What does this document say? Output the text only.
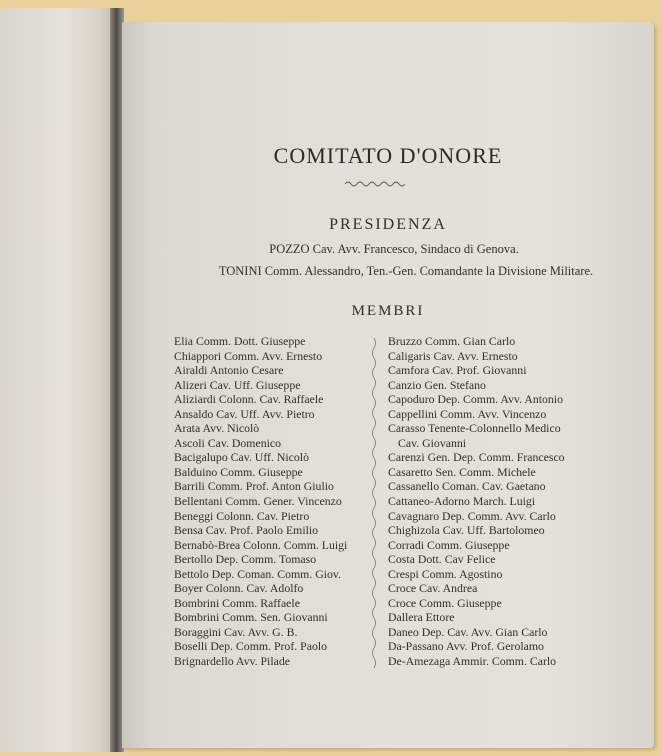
COMITATO D'ONORE
PRESIDENZA
POZZO Cav. Avv. Francesco, Sindaco di Genova.
TONINI Comm. Alessandro, Ten.-Gen. Comandante la Divisione Militare.
MEMBRI
Elia Comm. Dott. Giuseppe
Chiappori Comm. Avv. Ernesto
Airaldi Antonio Cesare
Alizeri Cav. Uff. Giuseppe
Aliziardi Colonn. Cav. Raffaele
Ansaldo Cav. Uff. Avv. Pietro
Arata Avv. Nicolò
Ascoli Cav. Domenico
Bacigalupo Cav. Uff. Nicolò
Balduino Comm. Giuseppe
Barrili Comm. Prof. Anton Giulio
Bellentani Comm. Gener. Vincenzo
Beneggi Colonn. Cav. Pietro
Bensa Cav. Prof. Paolo Emilio
Bernabò-Brea Colonn. Comm. Luigi
Bertollo Dep. Comm. Tomaso
Bettolo Dep. Coman. Comm. Giov.
Boyer Colonn. Cav. Adolfo
Bombrini Comm. Raffaele
Bombrini Comm. Sen. Giovanni
Boraggini Cav. Avv. G. B.
Boselli Dep. Comm. Prof. Paolo
Brignardello Avv. Pilade
Bruzzo Comm. Gian Carlo
Caligaris Cav. Avv. Ernesto
Camfora Cav. Prof. Giovanni
Canzio Gen. Stefano
Capoduro Dep. Comm. Avv. Antonio
Cappellini Comm. Avv. Vincenzo
Carasso Tenente-Colonnello Medico
Cav. Giovanni
Carenzi Gen. Dep. Comm. Francesco
Casaretto Sen. Comm. Michele
Cassanello Coman. Cav. Gaetano
Cattaneo-Adorno March. Luigi
Cavagnaro Dep. Comm. Avv. Carlo
Chighizola Cav. Uff. Bartolomeo
Corradi Comm. Giuseppe
Costa Dott. Cav Felice
Crespi Comm. Agostino
Croce Cav. Andrea
Croce Comm. Giuseppe
Dallera Ettore
Daneo Dep. Cav. Avv. Gian Carlo
Da-Passano Avv. Prof. Gerolamo
De-Amezaga Ammir. Comm. Carlo
